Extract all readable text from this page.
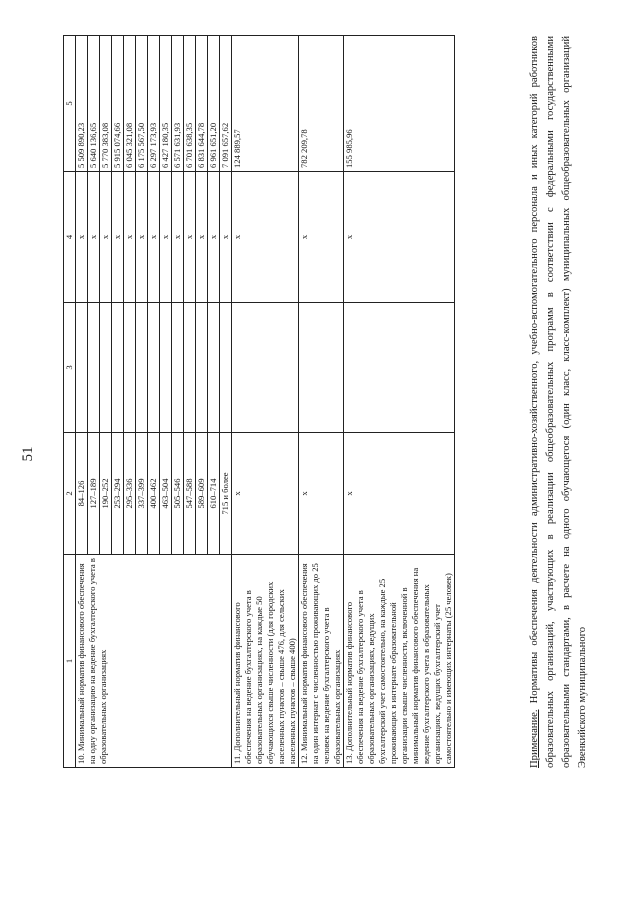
51
1	2	3	4	5
10. Минимальный норматив финансового обеспечения на одну организацию на ведение бухгалтерского учета в образовательных организациях	84–126		x	5 509 890,23
	127–189		x	5 640 136,65
	190–252		x	5 770 383,08
	253–294		x	5 915 074,66
	295–336		x	6 045 321,08
	337–399		x	6 175 567,50
	400–462		x	6 297 173,93
	463–504		x	6 427 180,35
	505–546		x	6 571 631,93
	547–588		x	6 701 638,35
	589–609		x	6 831 644,78
	610–714		x	6 961 651,20
	715 и более		x	7 091 657,62
11. Дополнительный норматив финансового обеспечения на ведение бухгалтерского учета в образовательных организациях, на каждые 50 обучающихся свыше численности (для городских населенных пунктов – свыше 476, для сельских населенных пунктов – свыше 400)	x		x	124 889,57
12. Минимальный норматив финансового обеспечения на один интернат с численностью проживающих до 25 человек на ведение бухгалтерского учета в образовательных организациях	x		x	782 209,78
13. Дополнительный норматив финансового обеспечения на ведение бухгалтерского учета в образовательных организациях, ведущих бухгалтерский учет самостоятельно, на каждые 25 проживающих в интернате образовательной организации свыше численности, включенной в минимальный норматив финансового обеспечения на ведение бухгалтерского учета в образовательных организациях, ведущих бухгалтерский учет самостоятельно и имеющих интернаты (25 человек)	x		x	155 985,96
Примечание. Нормативы обеспечения деятельности административно-хозяйственного, учебно-вспомогательного персонала и иных категорий работников образовательных организаций, участвующих в реализации общеобразовательных программ в соответствии с федеральными государственными образовательными стандартами, в расчете на одного обучающегося (один класс, класс-комплект) муниципальных общеобразовательных организаций Эвенкийского муниципального
